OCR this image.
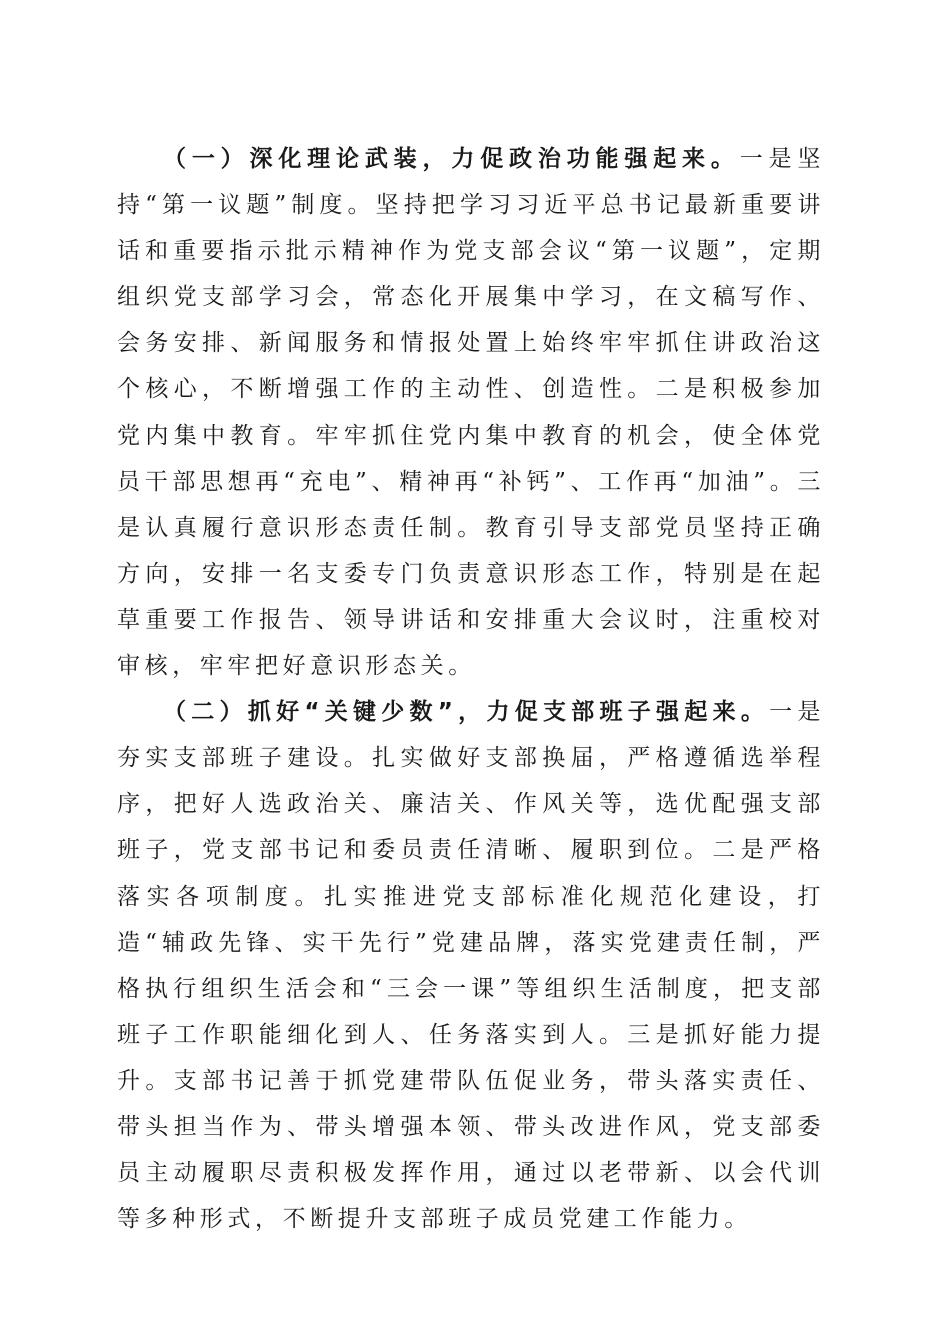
（一）深化理论武装，力促政治功能强起来。一是坚持“第一议题”制度。坚持把学习习近平总书记最新重要讲话和重要指示批示精神作为党支部会议“第一议题”，定期组织党支部学习会，常态化开展集中学习，在文稿写作、会务安排、新闻服务和情报处置上始终牢牢抓住讲政治这个核心，不断增强工作的主动性、创造性。二是积极参加党内集中教育。牢牢抓住党内集中教育的机会，使全体党员干部思想再“充电”、精神再“补钙”、工作再“加油”。三是认真履行意识形态责任制。教育引导支部党员坚持正确方向，安排一名支委专门负责意识形态工作，特别是在起草重要工作报告、领导讲话和安排重大会议时，注重校对审核，牢牢把好意识形态关。

（二）抓好“关键少数”，力促支部班子强起来。一是夯实支部班子建设。扎实做好支部换届，严格遵循选举程序，把好人选政治关、廉洁关、作风关等，选优配强支部班子，党支部书记和委员责任清晰、履职到位。二是严格落实各项制度。扎实推进党支部标准化规范化建设，打造“辅政先锋、实干先行”党建品牌，落实党建责任制，严格执行组织生活会和“三会一课”等组织生活制度，把支部班子工作职能细化到人、任务落实到人。三是抓好能力提升。支部书记善于抓党建带队伍促业务，带头落实责任、带头担当作为、带头增强本领、带头改进作风，党支部委员主动履职尽责积极发挥作用，通过以老带新、以会代训等多种形式，不断提升支部班子成员党建工作能力。
